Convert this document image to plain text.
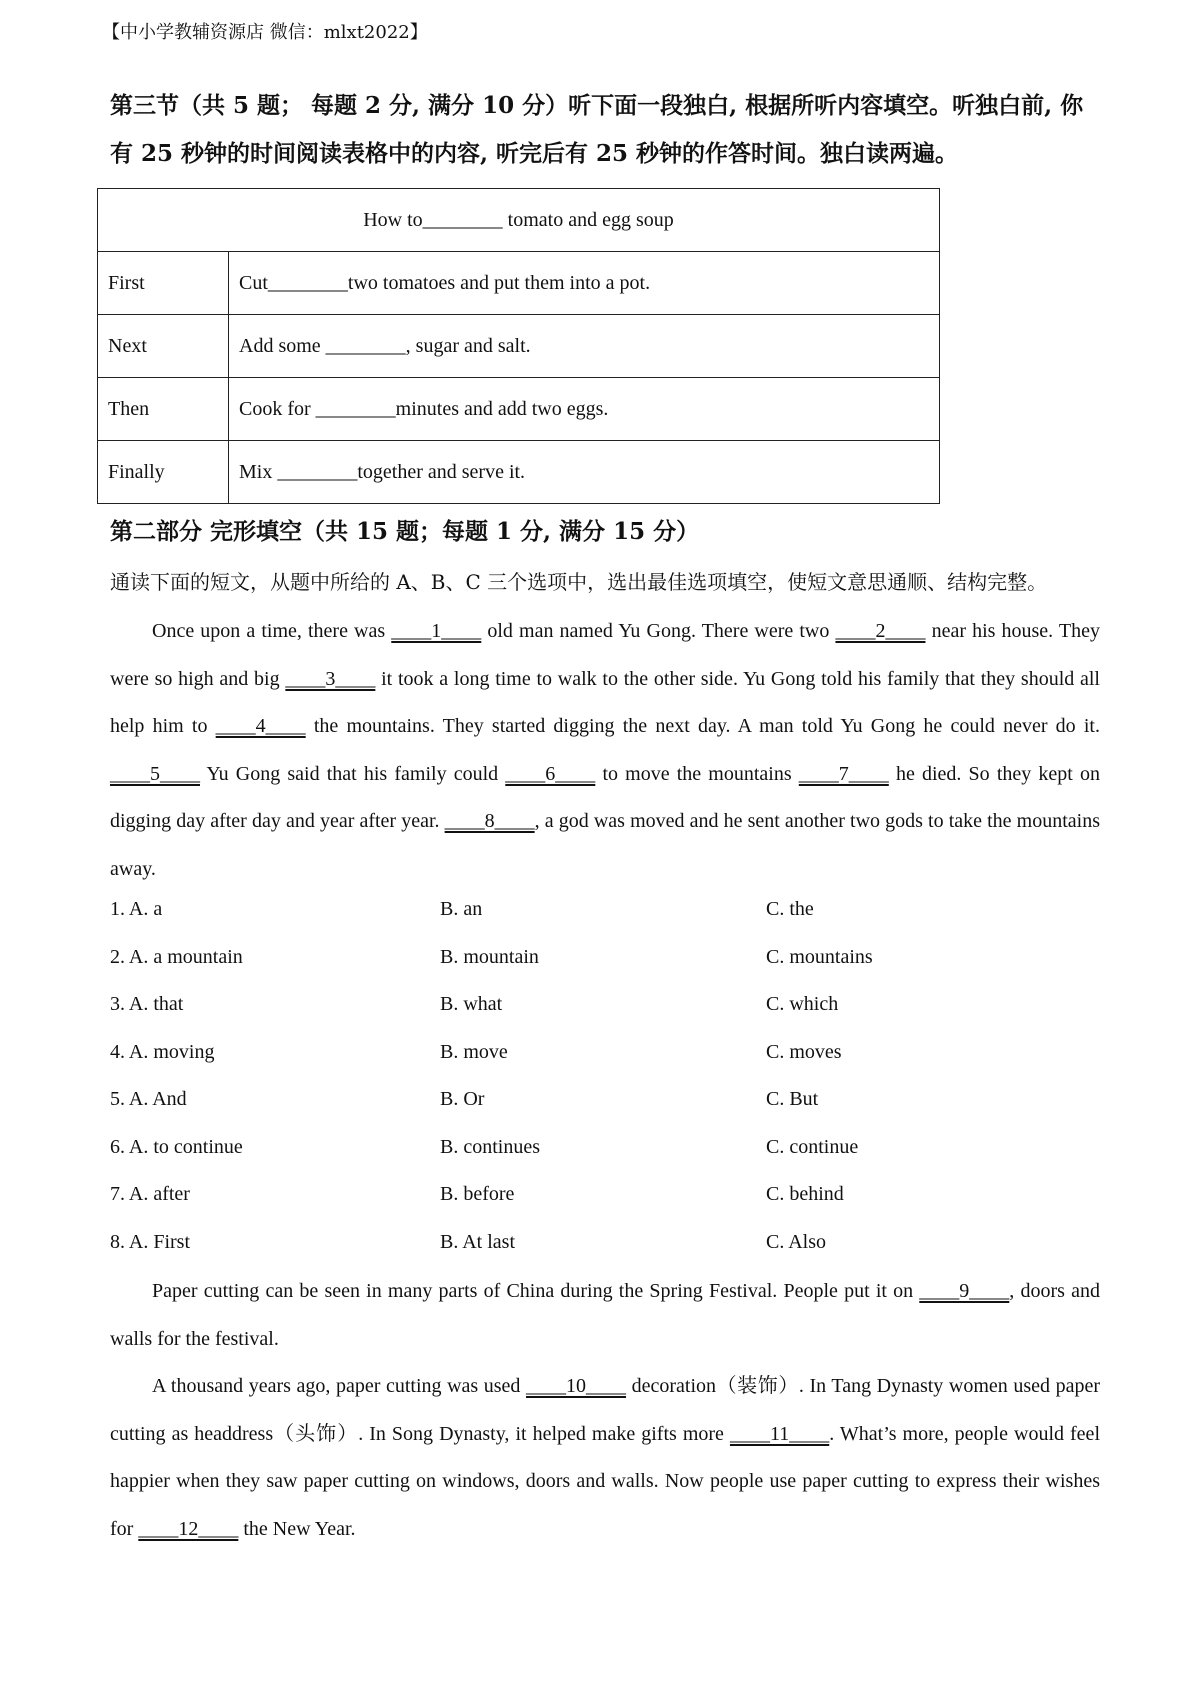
【中小学教辅资源店 微信：mlxt2022】
第三节（共 5 题； 每题 2 分, 满分 10 分）听下面一段独白, 根据所听内容填空。听独白前, 你
有 25 秒钟的时间阅读表格中的内容, 听完后有 25 秒钟的作答时间。独白读两遍。
How to________ tomato and egg soup	
First	Cut________two tomatoes and put them into a pot.
Next	Add some ________, sugar and salt.
Then	Cook for ________minutes and add two eggs.
Finally	Mix ________together and serve it.
第二部分 完形填空（共 15 题；每题 1 分, 满分 15 分）
通读下面的短文，从题中所给的 A、B、C 三个选项中，选出最佳选项填空，使短文意思通顺、结构完整。
Once upon a time, there was ____1____ old man named Yu Gong. There were two ____2____ near his house. They were so high and big ____3____ it took a long time to walk to the other side. Yu Gong told his family that they should all help him to ____4____ the mountains. They started digging the next day. A man told Yu Gong he could never do it. ____5____ Yu Gong said that his family could ____6____ to move the mountains ____7____ he died. So they kept on digging day after day and year after year. ____8____, a god was moved and he sent another two gods to take the mountains away.
1. A. a	B. an	C. the
2. A. a mountain	B. mountain	C. mountains
3. A. that	B. what	C. which
4. A. moving	B. move	C. moves
5. A. And	B. Or	C. But
6. A. to continue	B. continues	C. continue
7. A. after	B. before	C. behind
8. A. First	B. At last	C. Also
Paper cutting can be seen in many parts of China during the Spring Festival. People put it on ____9____, doors and walls for the festival.
A thousand years ago, paper cutting was used ____10____ decoration（装饰）. In Tang Dynasty women used paper cutting as headdress（头饰）. In Song Dynasty, it helped make gifts more ____11____. What’s more, people would feel happier when they saw paper cutting on windows, doors and walls. Now people use paper cutting to express their wishes for ____12____ the New Year.
